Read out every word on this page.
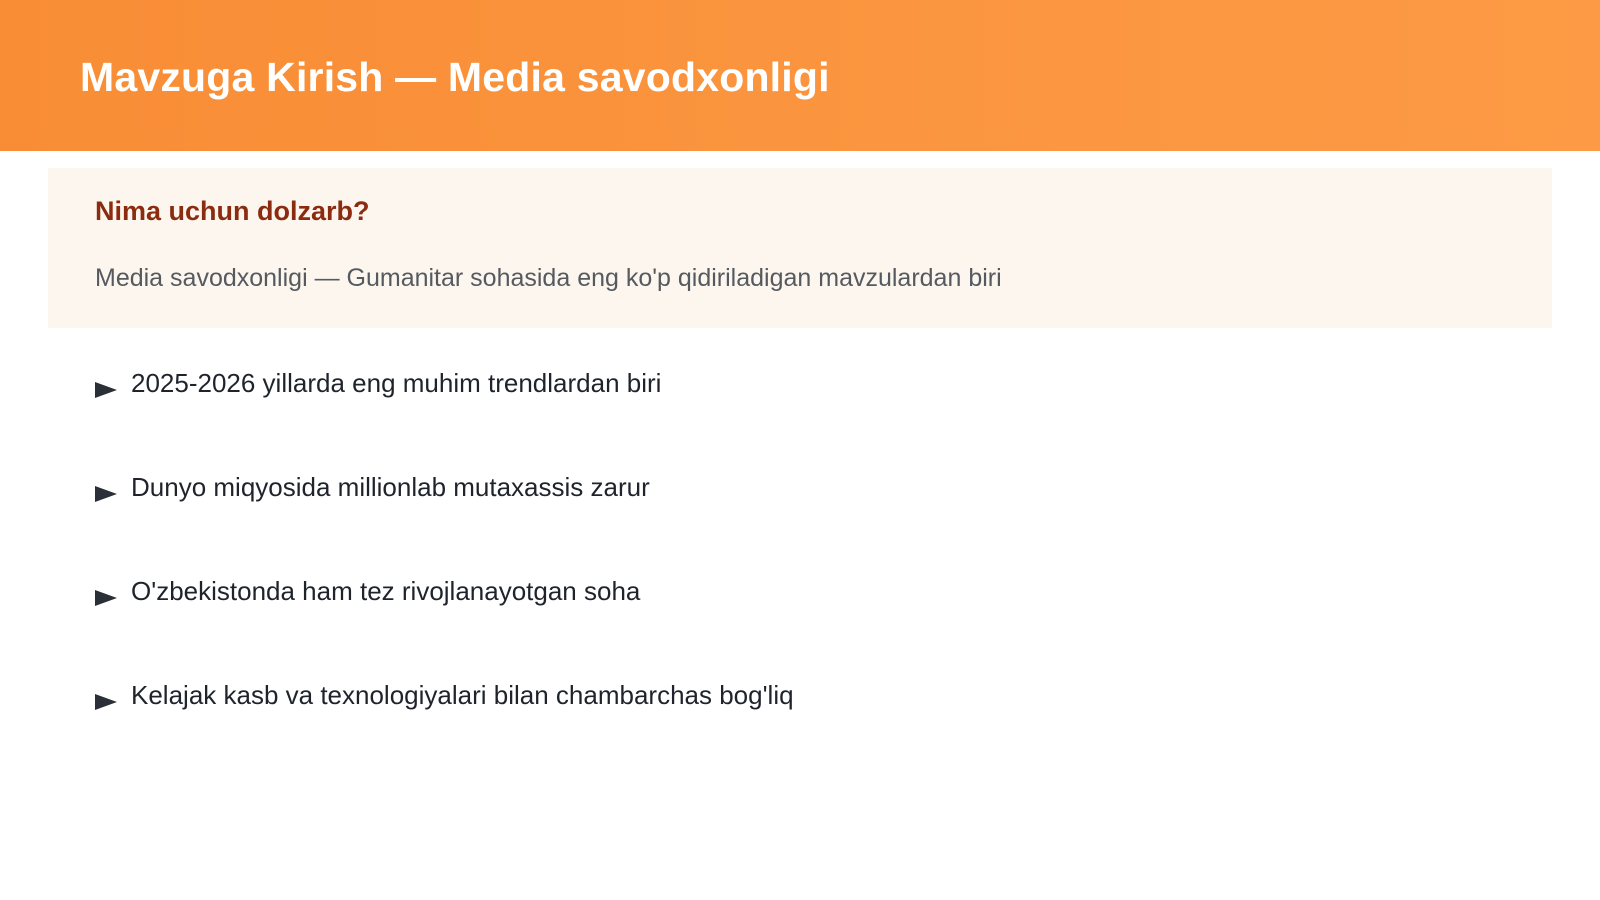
Mavzuga Kirish — Media savodxonligi
Nima uchun dolzarb?
Media savodxonligi — Gumanitar sohasida eng ko'p qidiriladigan mavzulardan biri
2025-2026 yillarda eng muhim trendlardan biri
Dunyo miqyosida millionlab mutaxassis zarur
O'zbekistonda ham tez rivojlanayotgan soha
Kelajak kasb va texnologiyalari bilan chambarchas bog'liq
